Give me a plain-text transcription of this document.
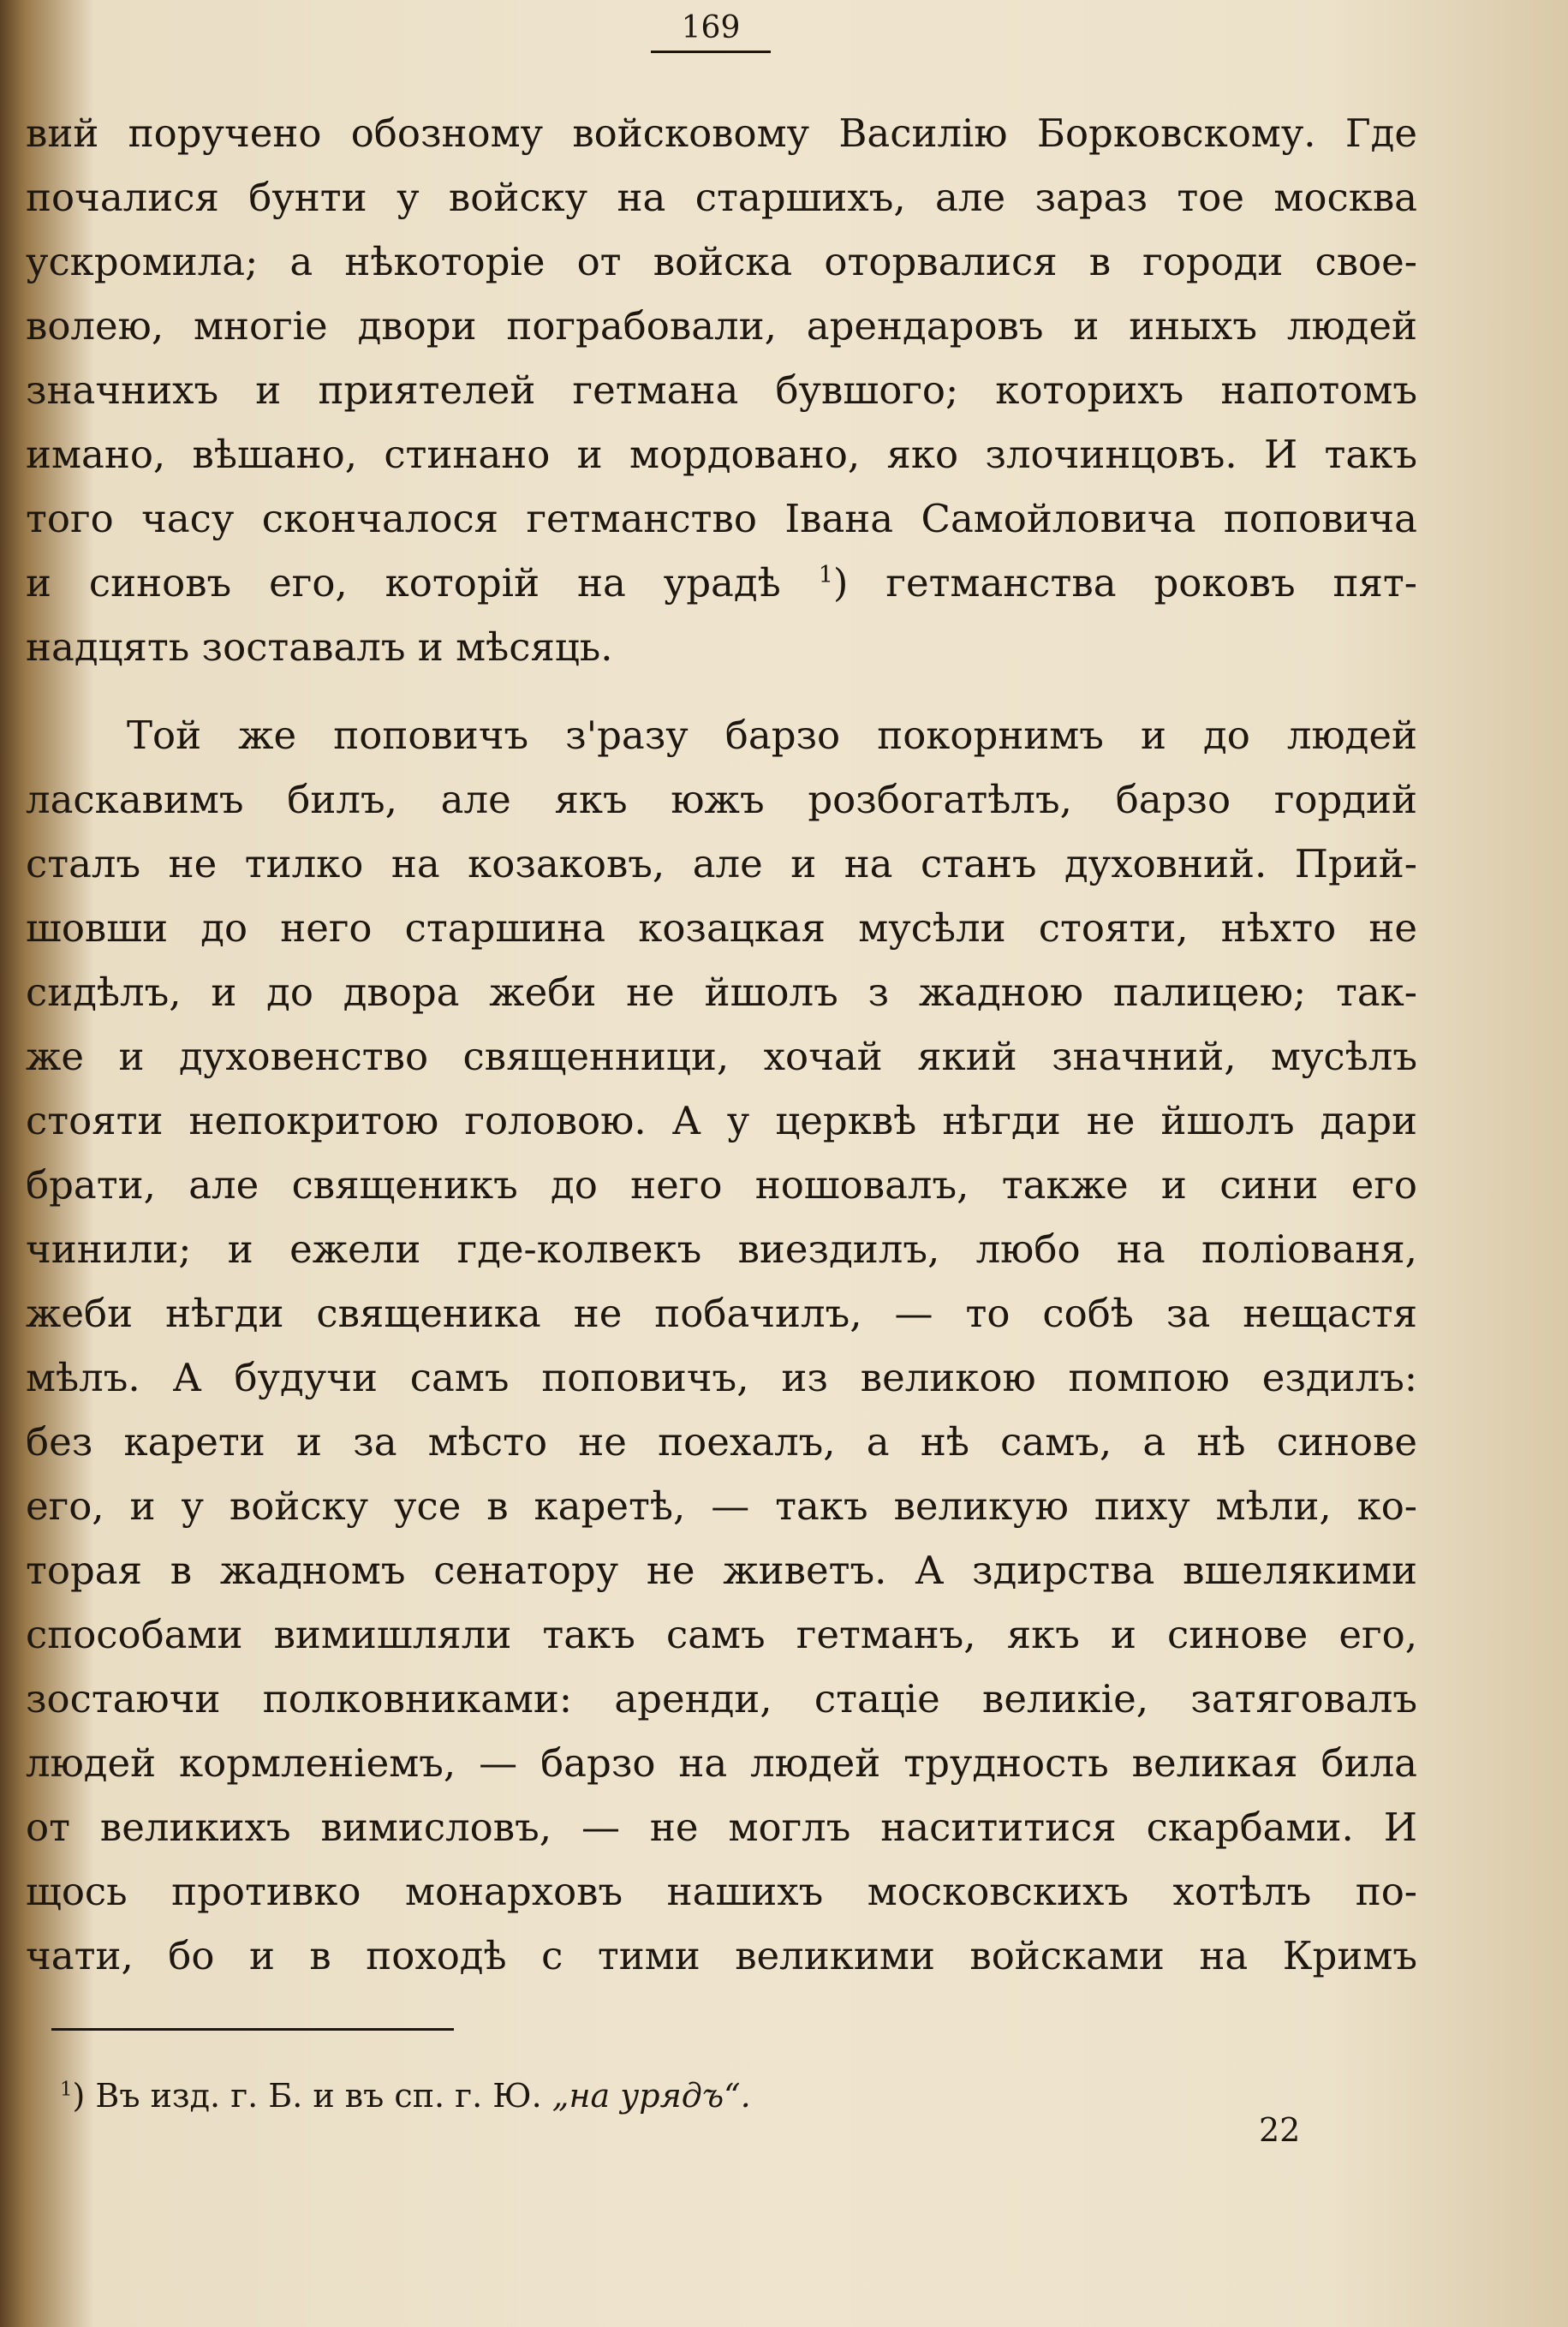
169
вий поручено обозному войсковому Василію Борковскому. Где
почалися бунти у войску на старшихъ, але зараз тое москва
ускромила; а нѣкоторіе от войска оторвалися в городи свое-
волею, многіе двори пограбовали, арендаровъ и иныхъ людей
значнихъ и приятелей гетмана бувшого; которихъ напотомъ
имано, вѣшано, стинано и мордовано, яко злочинцовъ. И такъ
того часу скончалося гетманство Івана Самойловича поповича
и синовъ его, которій на урадѣ $^1$) гетманства роковъ пят-
надцять зоставалъ и мѣсяць.
Той же поповичъ з'разу барзо покорнимъ и до людей
ласкавимъ билъ, але якъ южъ розбогатѣлъ, барзо гордий
сталъ не тилко на козаковъ, але и на станъ духовний. Прий-
шовши до него старшина козацкая мусѣли стояти, нѣхто не
сидѣлъ, и до двора жеби не йшолъ з жадною палицею; так-
же и духовенство священници, хочай який значний, мусѣлъ
стояти непокритою головою. А у церквѣ нѣгди не йшолъ дари
брати, але священикъ до него ношовалъ, также и сини его
чинили; и ежели где-колвекъ виездилъ, любо на поліованя,
жеби нѣгди священика не побачилъ, — то собѣ за нещастя
мѣлъ. А будучи самъ поповичъ, из великою помпою ездилъ:
без карети и за мѣсто не поехалъ, а нѣ самъ, а нѣ синове
его, и у войску усе в каретѣ, — такъ великую пиху мѣли, ко-
торая в жадномъ сенатору не живетъ. А здирства вшелякими
способами вимишляли такъ самъ гетманъ, якъ и синове его,
зостаючи полковниками: аренди, стаціе великіе, затяговалъ
людей кормленіемъ, — барзо на людей трудность великая била
от великихъ вимисловъ, — не моглъ насититися скарбами. И
щось противко монарховъ нашихъ московскихъ хотѣлъ по-
чати, бо и в походѣ с тими великими войсками на Кримъ
$^1$) Въ изд. г. Б. и въ сп. г. Ю. „на урядъ“.
22
